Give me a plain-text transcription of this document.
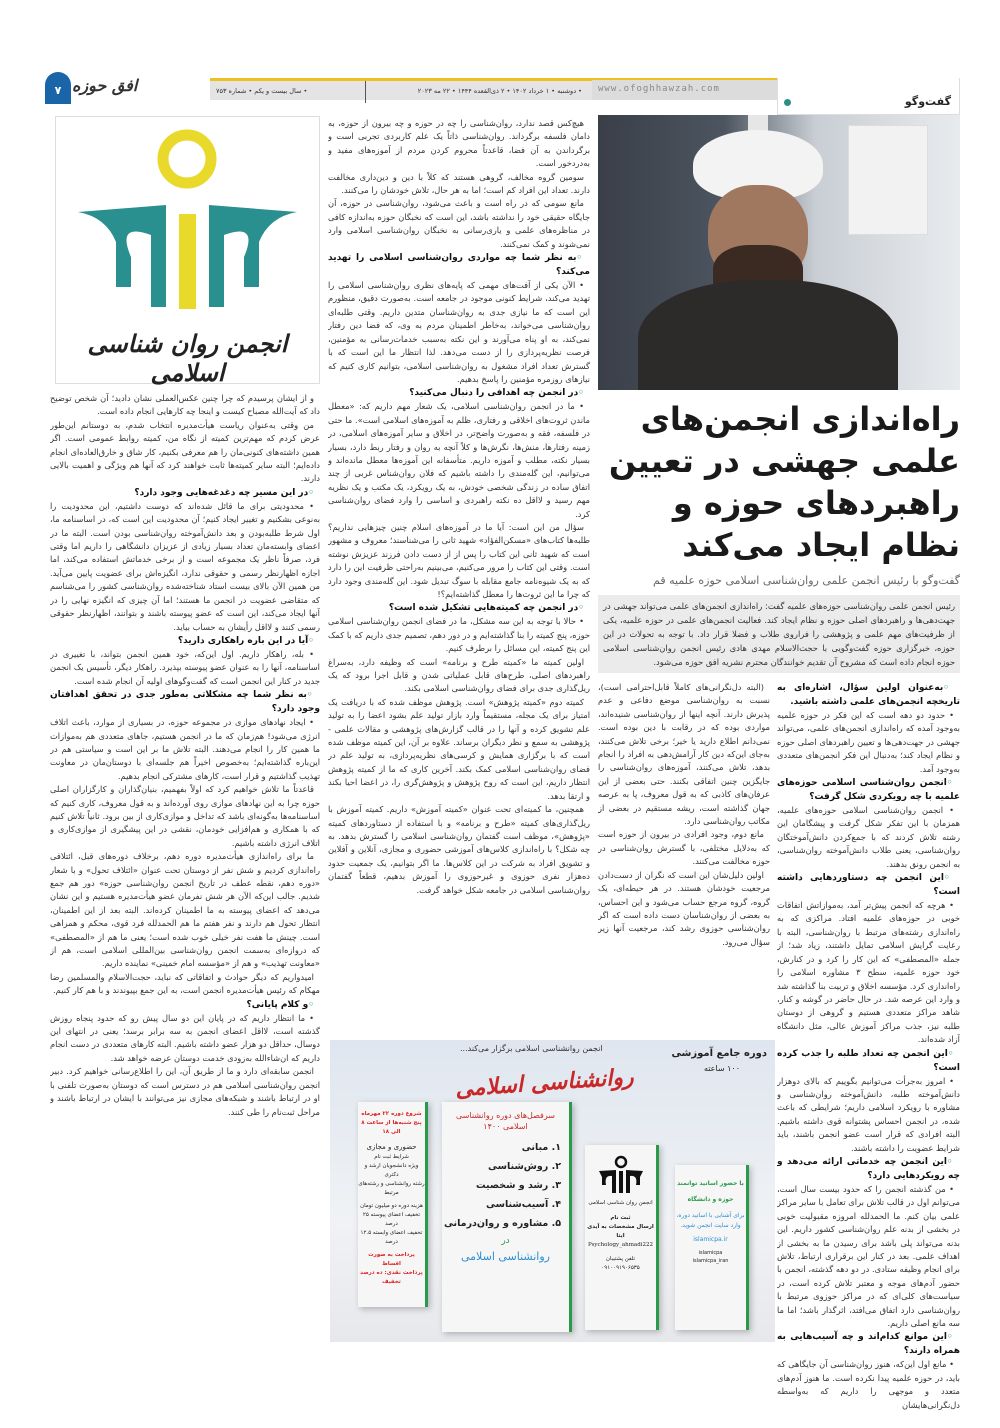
• دوشنبه • ۱ خرداد ۱۴۰۲ • ۲ ذی‌القعده ۱۴۴۴ • ۲۲ مه ۲۰۲۳
• سال بیست و یکم • شماره ۷۵۳	www.ofoghhawzah.com
گفت‌وگو
۷ افق حوزه
انجمن روان شناسی اسلامی
راه‌اندازی انجمن‌های علمی جهشی در تعیین راهبردهای حوزه و نظام ایجاد می‌کند
گفت‌وگو با رئیس انجمن علمی روان‌شناسی اسلامی حوزه علمیه قم
رئیس انجمن علمی روان‌شناسی حوزه‌های علمیه گفت: راه‌اندازی انجمن‌های علمی می‌تواند جهشی در جهت‌دهی‌ها و راهبردهای اصلی حوزه و نظام ایجاد کند. فعالیت انجمن‌های علمی در حوزه علمیه، یکی از ظرفیت‌های مهم علمی و پژوهشی را فراروی طلاب و فضلا قرار داد. با توجه به تحولات در این حوزه، خبرگزاری حوزه گفت‌وگویی با حجت‌الاسلام مهدی هادی رئیس انجمن روان‌شناسی اسلامی حوزه انجام داده است که مشروح آن تقدیم خوانندگان محترم نشریه افق حوزه می‌شود.

◦ به‌عنوان اولین سؤال، اشاره‌ای به تاریخچه انجمن‌های علمی داشته باشید.

• حدود دو دهه است که این فکر در حوزه علمیه به‌وجود آمده که راه‌اندازی انجمن‌های علمی، می‌تواند جهشی در جهت‌دهی‌ها و تعیین راهبردهای اصلی حوزه و نظام ایجاد کند؛ به‌دنبال این فکر انجمن‌های متعددی به‌وجود آمد.

◦ انجمن روان‌شناسی اسلامی حوزه‌های علمیه با چه رویکردی شکل گرفت؟

• انجمن روان‌شناسی اسلامی حوزه‌های علمیه، همزمان با این تفکر شکل گرفت و پیشگامان این رشته تلاش کردند که با جمع‌کردن دانش‌آموختگان روان‌شناسی، یعنی طلاب دانش‌آموخته روان‌شناسی، به انجمن رونق بدهند.

◦ این انجمن چه دستاوردهایی داشته است؟

• هرچه که انجمن پیش‌تر آمد، به‌موازاتش اتفاقات خوبی در حوزه‌های علمیه افتاد. مراکزی که به راه‌اندازی رشته‌های مرتبط با روان‌شناسی، البته با رعایت گرایش اسلامی تمایل داشتند، زیاد شد؛ از جمله «المصطفی» که این کار را کرد و در کنارش، خود حوزه علمیه، سطح ۳ مشاوره اسلامی را راه‌اندازی کرد. مؤسسه اخلاق و تربیت بنا گذاشته شد و وارد این عرصه شد. در حال حاضر در گوشه و کنار، شاهد مراکز متعددی هستیم و گروهی از دوستان طلبه نیز، جذب مراکز آموزش عالی، مثل دانشگاه آزاد شده‌اند.

◦ این انجمن چه تعداد طلبه را جذب کرده است؟

• امروز به‌جرأت می‌توانیم بگوییم که بالای دوهزار دانش‌آموخته طلبه، دانش‌آموخته روان‌شناسی و مشاوره با رویکرد اسلامی داریم؛ شرایطی که باعث شده، در انجمن احساس پشتوانه قوی داشته باشیم. البته افرادی که قرار است عضو انجمن باشند، باید شرایط عضویت را داشته باشند.

◦ این انجمن چه خدماتی ارائه می‌دهد و چه رویکردهایی دارد؟

• من گذشته انجمن را که حدود بیست سال است، می‌توانم اول در قالب تلاش برای تعامل با سایر مراکز علمی بیان کنم. ما الحمدلله امروزه مقبولیت خوبی در بخشی از بدنه علم روان‌شناسی کشور داریم. این بدنه می‌تواند پلی باشد برای رسیدن ما به بخشی از اهداف علمی. بعد در کنار این برقراری ارتباط، تلاش برای انجام وظیفه ستادی. در دو دهه گذشته، انجمن با حضور آدم‌های موجه و معتبر تلاش کرده است، در سیاست‌های کلی‌ای که در مراکز حوزوی مرتبط با روان‌شناسی دارد اتفاق می‌افتد، اثرگذار باشد؛ اما ما سه مانع اصلی داریم.

◦ این موانع کدام‌اند و چه آسیب‌هایی به همراه دارند؟

• مانع اول این‌که، هنوز روان‌شناسی آن جایگاهی که باید، در حوزه علمیه پیدا نکرده است. ما هنوز آدم‌های متعدد و موجهی را داریم که به‌واسطه دل‌نگرانی‌هایشان

(البته دل‌نگرانی‌های کاملاً قابل‌احترامی است)، نسبت به روان‌شناسی موضع دفاعی و عدم پذیرش دارند. آنچه اینها از روان‌شناسی شنیده‌اند، مواردی بوده که در رقابت با دین بوده است. نمی‌دانم اطلاع دارید یا خیر؛ برخی تلاش می‌کنند، به‌جای این‌که دین کار آرامش‌دهی به افراد را انجام بدهد، تلاش می‌کنند، آموزه‌های روان‌شناسی را جایگزین چنین اتفاقی بکنند. حتی بعضی از این عرفان‌های کاذبی که به قول معروف، پا به عرصه جهان گذاشته است، ریشه مستقیم در بعضی از مکاتب روان‌شناسی دارد.

مانع دوم، وجود افرادی در بیرون از حوزه است که به‌دلایل مختلفی، با گسترش روان‌شناسی در حوزه مخالفت می‌کنند.

اولین دلیل‌شان این است که نگران از دست‌دادن مرجعیت خودشان هستند. در هر حیطه‌ای، یک گروه، گروه مرجع حساب می‌شود و این احساس، به بعضی از روان‌شناسان دست داده است که اگر روان‌شناسی حوزوی رشد کند، مرجعیت آنها زیر سؤال می‌رود.

هیچ‌کس قصد ندارد، روان‌شناسی را چه در حوزه و چه بیرون از حوزه، به دامان فلسفه برگرداند. روان‌شناسی ذاتاً یک علم کاربردی تجربی است و برگرداندن به آن فضا، قاعدتاً محروم کردن مردم از آموزه‌های مفید و به‌دردخور است.

سومین گروه مخالف، گروهی هستند که کلاً با دین و دین‌داری مخالفت دارند. تعداد این افراد کم است؛ اما به هر حال، تلاش خودشان را می‌کنند.

مانع سومی که در راه است و باعث می‌شود، روان‌شناسی در حوزه، آن جایگاه حقیقی خود را نداشته باشد، این است که نخبگان حوزه به‌اندازه کافی در مناظره‌های علمی و یاری‌رسانی به نخبگان روان‌شناسی اسلامی وارد نمی‌شوند و کمک نمی‌کنند.

◦ به نظر شما چه مواردی روان‌شناسی اسلامی را تهدید می‌کند؟

• الآن یکی از آفت‌های مهمی که پایه‌های نظری روان‌شناسی اسلامی را تهدید می‌کند، شرایط کنونی موجود در جامعه است. به‌صورت دقیق، منظورم این است که ما نیازی جدی به روان‌شناسان متدین داریم. وقتی طلبه‌ای روان‌شناسی می‌خواند، به‌خاطر اطمینان مردم به وی، که فضا دین رفتار نمی‌کند، به او پناه می‌آورند و این نکته به‌سبب خدمات‌رسانی به مؤمنین، فرصت نظریه‌پردازی را از دست می‌دهد. لذا انتظار ما این است که با گسترش تعداد افراد مشغول به روان‌شناسی اسلامی، بتوانیم کاری کنیم که نیازهای روزمره مؤمنین را پاسخ بدهیم.

◦ در انجمن چه اهدافی را دنبال می‌کنید؟

• ما در انجمن روان‌شناسی اسلامی، یک شعار مهم داریم که: «معطل ماندن ثروت‌های اخلاقی و رفتاری، ظلم به آموزه‌های اسلامی است». ما حتی در فلسفه، فقه و به‌صورت واضح‌تر، در اخلاق و سایر آموزه‌های اسلامی، در زمینه رفتارها، منش‌ها، نگرش‌ها و کلاً آنچه به روان و رفتار ربط دارد، بسیار بسیار نکته، مطلب و آموزه داریم. متأسفانه این آموزه‌ها معطل مانده‌اند و می‌توانیم، این گله‌مندی را داشته باشیم که فلان روان‌شناس غربی از چند اتفاق ساده در زندگی شخصی خودش، به یک رویکرد، یک مکتب و یک نظریه مهم رسید و لااقل ده نکته راهبردی و اساسی را وارد فضای روان‌شناسی کرد.

سؤال من این است: آیا ما در آموزه‌های اسلام چنین چیزهایی نداریم؟ طلبه‌ها کتاب‌های «مسکن‌الفؤاد» شهید ثانی را می‌شناسند؛ معروف و مشهور است که شهید ثانی این کتاب را پس از از دست دادن فرزند عزیزش نوشته است. وقتی این کتاب را مرور می‌کنیم، می‌بینیم به‌راحتی ظرفیت این را دارد که به یک شیوه‌نامه جامع مقابله با سوگ تبدیل شود. این گله‌مندی وجود دارد که چرا ما این ثروت‌ها را معطل گذاشته‌ایم؟!

◦ در انجمن چه کمیته‌هایی تشکیل شده است؟

• حالا با توجه به این سه مشکل، ما در فضای انجمن روان‌شناسی اسلامی حوزه، پنج کمیته را بنا گذاشته‌ایم و در دور دهم، تصمیم جدی داریم که با کمک این پنج کمیته، این مسائل را برطرف کنیم.

اولین کمیته ما «کمیته طرح و برنامه» است که وظیفه دارد، به‌سراغ راهبردهای اصلی، طرح‌های قابل عملیاتی شدن و قابل اجرا برود که یک ریل‌گذاری جدی برای فضای روان‌شناسی اسلامی بکند.

کمیته دوم «کمیته پژوهش» است. پژوهش موظف شده که با دریافت یک امتیاز برای یک مجله، مستقیماً وارد بازار تولید علم بشود اعضا را به تولید علم تشویق کرده و آنها را در قالب گزارش‌های پژوهشی و مقالات علمی - پژوهشی به سمع و نظر دیگران برساند. علاوه بر آن، این کمیته موظف شده است که با برگزاری همایش و کرسی‌های نظریه‌پردازی، به تولید علم در فضای روان‌شناسی اسلامی کمک بکند. آخرین کاری که ما از کمیته پژوهش انتظار داریم، این است که روح پژوهش و پژوهش‌گری را، در اعضا احیا بکند و ارتقا بدهد.

همچنین، ما کمیته‌ای تحت عنوان «کمیته آموزش» داریم. کمیته آموزش با ریل‌گذاری‌های کمیته «طرح و برنامه» و با استفاده از دستاوردهای کمیته «پژوهش»، موظف است گفتمان روان‌شناسی اسلامی را گسترش بدهد. به چه شکل؟ با راه‌اندازی کلاس‌های آموزشی حضوری و مجازی، آنلاین و آفلاین و تشویق افراد به شرکت در این کلاس‌ها. ما اگر بتوانیم، یک جمعیت حدود ده‌هزار نفری حوزوی و غیرحوزوی را آموزش بدهیم، قطعاً گفتمان روان‌شناسی اسلامی در جامعه شکل خواهد گرفت.

و از ایشان پرسیدم که چرا چنین عکس‌العملی نشان دادید؛ آن شخص توضیح داد که آیت‌الله مصباح کیست و اینجا چه کارهایی انجام داده است.

من وقتی به‌عنوان ریاست هیأت‌مدیره انتخاب شدم، به دوستانم این‌طور عرض کردم که مهم‌ترین کمیته از نگاه من، کمیته روابط عمومی است. اگر همین داشته‌های کنونی‌مان را هم معرفی بکنیم، کار شاق و خارق‌العاده‌ای انجام داده‌ایم؛ البته سایر کمیته‌ها ثابت خواهند کرد که آنها هم ویژگی و اهمیت بالایی دارند.

◦ در این مسیر چه دغدغه‌هایی وجود دارد؟

• محدودیتی برای ما قائل شده‌اند که دوست داشتیم، این محدودیت را به‌نوعی بشکنیم و تغییر ایجاد کنیم؛ آن محدودیت این است که، در اساسنامه ما، اول شرط طلبه‌بودن و بعد دانش‌آموخته روان‌شناسی بودن است. البته ما در اعضای وابسته‌مان تعداد بسیار زیادی از عزیزان دانشگاهی را داریم اما وقتی فرد، صرفاً ناظر یک مجموعه است و از برخی خدماتش استفاده می‌کند، اما اجازه اظهارنظر رسمی و حقوقی ندارد، انگیزه‌اش برای عضویت پایین می‌آید. من همین الآن بالای بیست استاد شناخته‌شده روان‌شناسی کشور را می‌شناسم که متقاضی عضویت در انجمن ما هستند؛ اما آن چیزی که انگیزه نهایی را در آنها ایجاد می‌کند، این است که عضو پیوسته باشند و بتوانند، اظهارنظر حقوقی رسمی کنند و لااقل رأیشان به حساب بیاید.

◦ آیا در این باره راهکاری دارید؟

• بله، راهکار داریم. اول این‌که، خود همین انجمن بتواند، با تغییری در اساسنامه، آنها را به عنوان عضو پیوسته بپذیرد. راهکار دیگر، تأسیس یک انجمن جدید در کنار این انجمن است که گفت‌وگوهای اولیه آن انجام شده است.

◦ به نظر شما چه مشکلاتی به‌طور جدی در تحقق اهدافتان وجود دارد؟

• ایجاد نهادهای موازی در مجموعه حوزه، در بسیاری از موارد، باعث اتلاف انرژی می‌شود! هم‌زمان که ما در انجمن هستیم، جاهای متعددی هم به‌موازات ما همین کار را انجام می‌دهند. البته تلاش ما بر این است و سیاستی هم در این‌باره گذاشته‌ایم؛ به‌خصوص اخیراً هم جلسه‌ای با دوستان‌مان در معاونت تهذیب گذاشتیم و قرار است، کارهای مشترکی انجام بدهیم.

قاعدتاً ما تلاش خواهیم کرد که اولاً بفهمیم، بنیان‌گذاران و کارگزاران اصلی حوزه چرا به این نهادهای موازی روی آورده‌اند و به قول معروف، کاری کنیم که اساسنامه‌ها به‌گونه‌ای باشد که تداخل و موازی‌کاری از بین برود. ثانیاً تلاش کنیم که با همکاری و هم‌افزایی خودمان، نقشی در این پیشگیری از موازی‌کاری و اتلاف انرژی داشته باشیم.

ما برای راه‌اندازی هیأت‌مدیره دوره دهم، برخلاف دوره‌های قبل، ائتلافی راه‌اندازی کردیم و شش نفر از دوستان تحت عنوان «ائتلاف تحول» و با شعار «دوره دهم، نقطه عطف در تاریخ انجمن روان‌شناسی حوزه» دور هم جمع شدیم. جالب این‌که الآن هر شش نفرمان عضو هیأت‌مدیره هستیم و این نشان می‌دهد که اعضای پیوسته به ما اطمینان کرده‌اند. البته بعد از این اطمینان، انتظار تحول هم دارند و نفر هفتم ما هم الحمدلله فرد قوی، محکم و همراهی است. چینش ما هفت نفر خیلی خوب شده است؛ یعنی ما هم از «المصطفی» که دروازه‌ای به‌سمت انجمن روان‌شناسی بین‌المللی اسلامی است، هم از «معاونت تهذیب» و هم از «مؤسسه امام خمینی» نماینده داریم.

امیدواریم که دیگر حوادث و اتفاقاتی که نباید، حجت‌الاسلام والمسلمین رضا مهکام که رئیس هیأت‌مدیره انجمن است، به این جمع بپیوندند و با هم کار کنیم.

◦ و کلام پایانی؟

• ما انتظار داریم که در پایان این دو سال پیش رو که حدود پنجاه روزش گذشته است، لااقل اعضای انجمن به سه برابر برسد؛ یعنی در انتهای این دوسال، حداقل دو هزار عضو داشته باشیم. البته کارهای متعددی در دست انجام داریم که ان‌شاءالله به‌زودی خدمت دوستان عرضه خواهد شد.

انجمن سابقه‌ای دارد و ما از طریق آن، این را اطلاع‌رسانی خواهیم کرد. دبیر انجمن روان‌شناسی اسلامی هم در دسترس است که دوستان به‌صورت تلفنی با او در ارتباط باشند و شبکه‌های مجازی نیز می‌توانند با ایشان در ارتباط باشند و مراحل ثبت‌نام را طی کنند.

انجمن روانشناسی اسلامی برگزار می‌کند...	دوره جامع آموزشی
۱۰۰ ساعته
روانشناسی اسلامی
شروع دوره ۲۲ مهرماه
پنج شنبه‌ها از ساعت ۸ الی ۱۸
حضوری و مجازی
شرایط ثبت نام
ویژه دانشجویان ارشد و دکتری
رشته روانشناسی و رشته‌های مرتبط
هزینه دوره دو میلیون تومان
تخفیف اعضای پیوسته ۲۵ درصد
تخفیف اعضای وابسته ۱۲.۵ درصد
پرداخت به صورت اقساط
پرداخت نقدی: ده درصد تخفیف
سرفصل‌های دوره روانشناسی اسلامی ۱۴۰۰
۱. مبانی
۲. روش‌شناسی
۳. رشد و شخصیت
۴. آسیب‌شناسی
۵. مشاوره و روان‌درمانی
در
روانشناسی اسلامی
انجمن روان شناسی اسلامی
ثبت نام
ارسال مشخصات به آیدی ایتا
Psychology_ahmadi222
تلفن پشتیبان
۰۹۱۰۰۹۱۹۰۶۵۳۵
با حضور اساتید توانمند
حوزه و دانشگاه
برای آشنایی با اساتید دوره، وارد سایت انجمن شوید.
islamicpa.ir
islamicpa
islamicpa_iran
